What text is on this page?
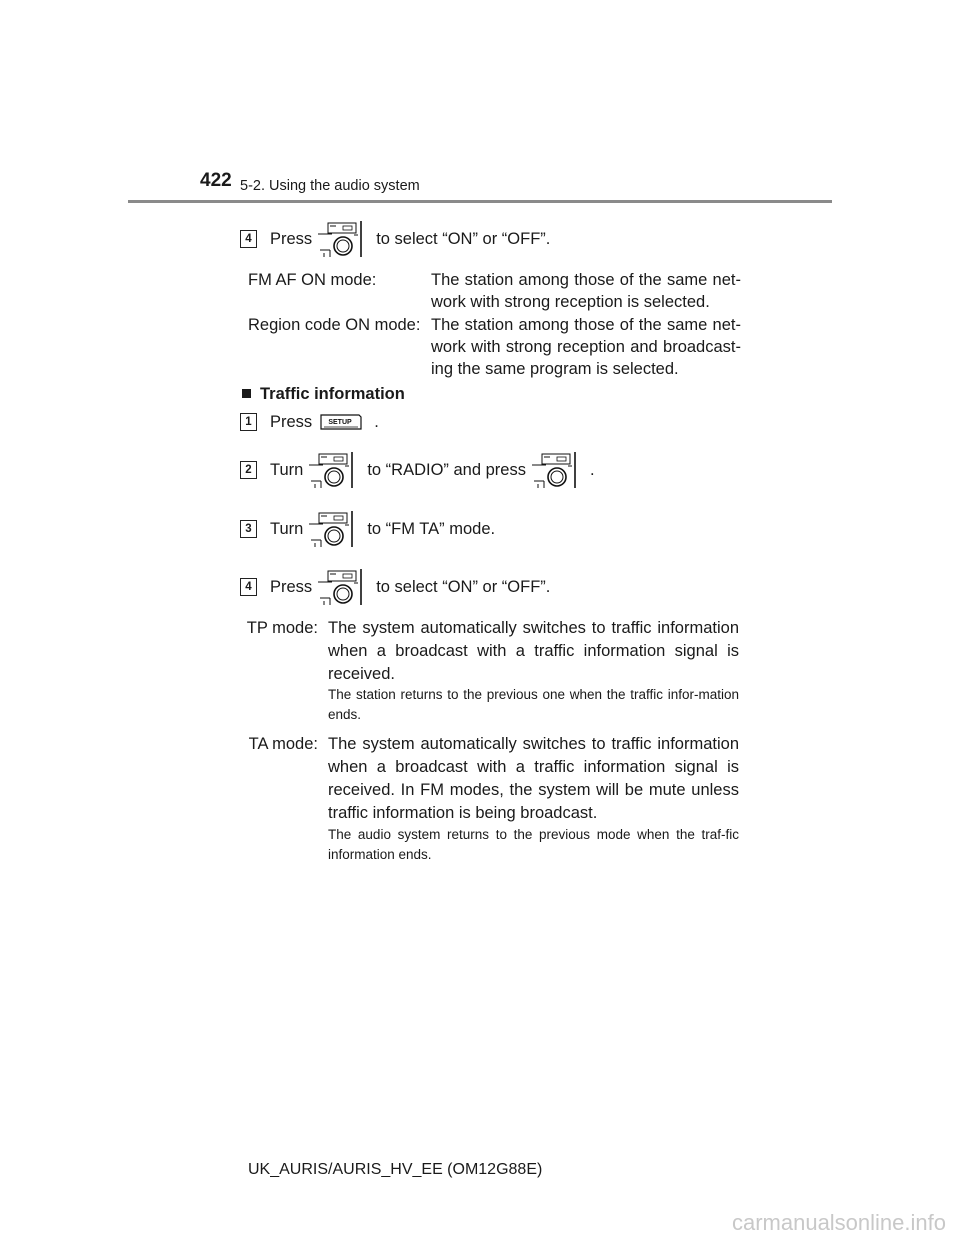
422 5-2. Using the audio system
4	Press	to select “ON” or “OFF”.
FM AF ON mode:	The station among those of the same net-work with strong reception is selected.
Region code ON mode: The station among those of the same net-work with strong reception and broadcast-ing the same program is selected.
Traffic information
1	Press	.
2	Turn	to “RADIO” and press	.
3	Turn	to “FM TA” mode.
4	Press	to select “ON” or “OFF”.
TP mode: The system automatically switches to traffic information when a broadcast with a traffic information signal is received.
The station returns to the previous one when the traffic infor-mation ends.
TA mode: The system automatically switches to traffic information when a broadcast with a traffic information signal is received. In FM modes, the system will be mute unless traffic information is being broadcast.
The audio system returns to the previous mode when the traf-fic information ends.
UK_AURIS/AURIS_HV_EE (OM12G88E)
carmanualsonline.info
